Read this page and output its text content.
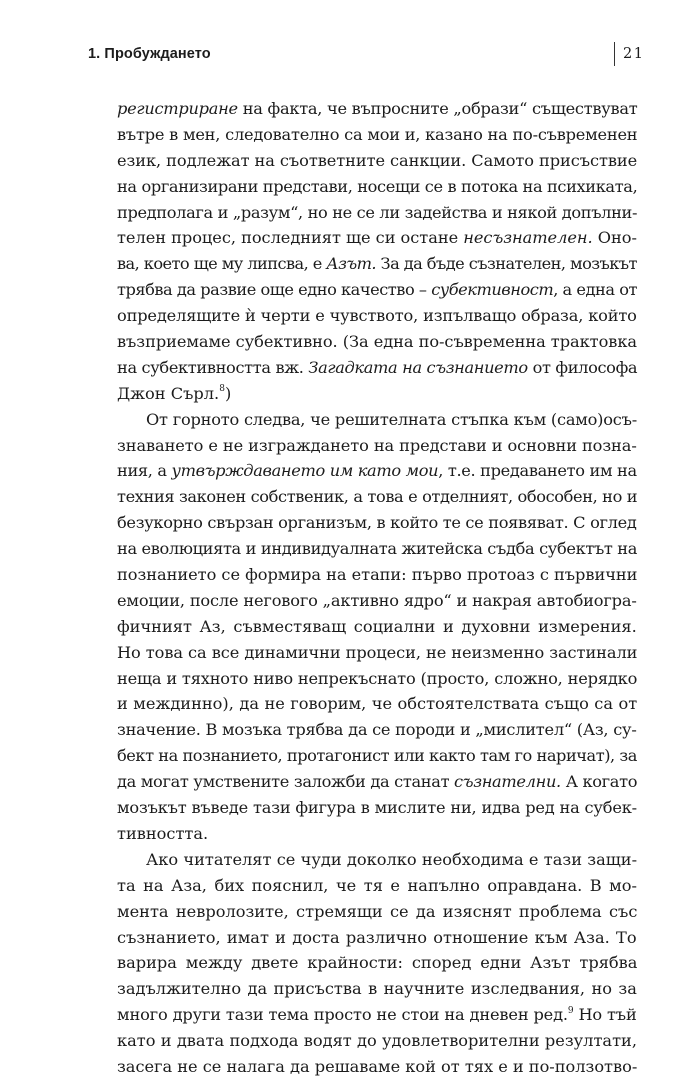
1. Пробуждането	21
регистриране на факта, че въпросните „образи“ съществуват
вътре в мен, следователно са мои и, казано на по-съвременен
език, подлежат на съответните санкции. Самото присъствие
на организирани представи, носещи се в потока на психиката,
предполага и „разум“, но не се ли задейства и някой допълни-
телен процес, последният ще си остане несъзнателен. Оно-
ва, което ще му липсва, е Азът. За да бъде съзнателен, мозъкът
трябва да развие още едно качество – субективност, а една от
определящите ѝ черти е чувството, изпълващо образа, който
възприемаме субективно. (За една по-съвременна трактовка
на субективността вж. Загадката на съзнанието от философа
Джон Сърл.$^8$)
От горното следва, че решителната стъпка към (само)осъ-
знаването е не изграждането на представи и основни позна-
ния, а утвърждаването им като мои, т.е. предаването им на
техния законен собственик, а това е отделният, обособен, но и
безукорно свързан организъм, в който те се появяват. С оглед
на еволюцията и индивидуалната житейска съдба субектът на
познанието се формира на етапи: първо протоаз с първични
емоции, после негового „активно ядро“ и накрая автобиогра-
фичният Аз, съвместяващ социални и духовни измерения.
Но това са все динамични процеси, не неизменно застинали
неща и тяхното ниво непрекъснато (просто, сложно, нерядко
и междинно), да не говорим, че обстоятелствата също са от
значение. В мозъка трябва да се породи и „мислител“ (Аз, су-
бект на познанието, протагонист или както там го наричат), за
да могат умствените заложби да станат съзнателни. А когато
мозъкът въведе тази фигура в мислите ни, идва ред на субек-
тивността.
Ако читателят се чуди доколко необходима е тази защи-
та на Аза, бих пояснил, че тя е напълно оправдана. В мо-
мента невролозите, стремящи се да изяснят проблема със
съзнанието, имат и доста различно отношение към Аза. То
варира между двете крайности: според едни Азът трябва
задължително да присъства в научните изследвания, но за
много други тази тема просто не стои на дневен ред.$^9$ Но тъй
като и двата подхода водят до удовлетворителни резултати,
засега не се налага да решаваме кой от тях е и по-ползотво-
